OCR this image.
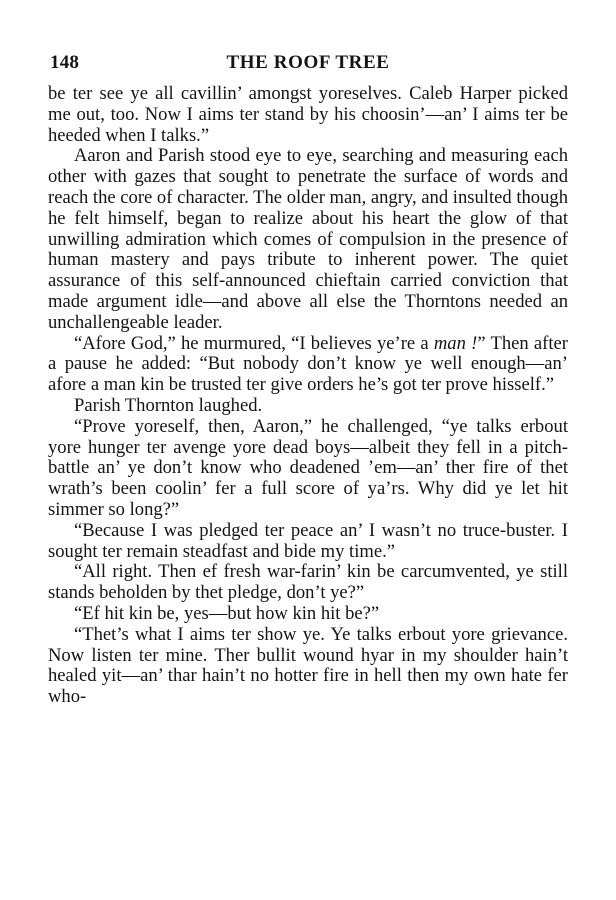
148	THE ROOF TREE

be ter see ye all cavillin’ amongst yoreselves. Caleb Harper picked me out, too. Now I aims ter stand by his choosin’—an’ I aims ter be heeded when I talks.”

Aaron and Parish stood eye to eye, searching and measuring each other with gazes that sought to penetrate the surface of words and reach the core of character. The older man, angry, and insulted though he felt himself, began to realize about his heart the glow of that unwilling admiration which comes of compulsion in the presence of human mastery and pays tribute to inherent power. The quiet assurance of this self-announced chieftain carried conviction that made argument idle—and above all else the Thorntons needed an unchallengeable leader.

“Afore God,” he murmured, “I believes ye’re a man !” Then after a pause he added: “But nobody don’t know ye well enough—an’ afore a man kin be trusted ter give orders he’s got ter prove hisself.”

Parish Thornton laughed.

“Prove yoreself, then, Aaron,” he challenged, “ye talks erbout yore hunger ter avenge yore dead boys—albeit they fell in a pitch-battle an’ ye don’t know who deadened ’em—an’ ther fire of thet wrath’s been coolin’ fer a full score of ya’rs. Why did ye let hit simmer so long?”

“Because I was pledged ter peace an’ I wasn’t no truce-buster. I sought ter remain steadfast and bide my time.”

“All right. Then ef fresh war-farin’ kin be carcumvented, ye still stands beholden by thet pledge, don’t ye?”

“Ef hit kin be, yes—but how kin hit be?”

“Thet’s what I aims ter show ye. Ye talks erbout yore grievance. Now listen ter mine. Ther bullit wound hyar in my shoulder hain’t healed yit—an’ thar hain’t no hotter fire in hell then my own hate fer who-
